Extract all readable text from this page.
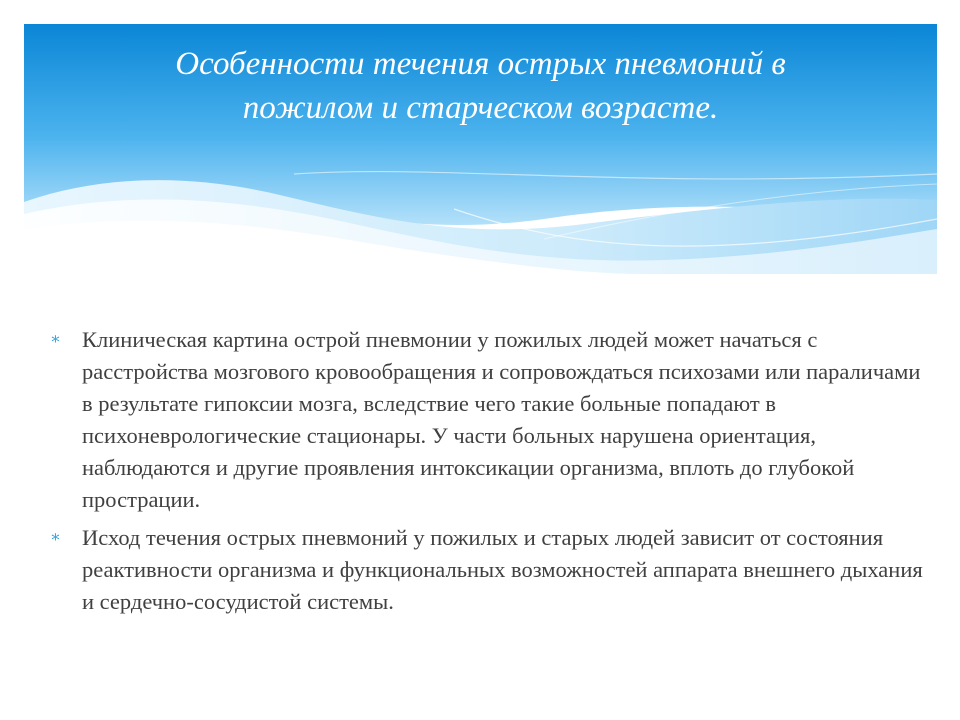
Особенности течения острых пневмоний в
пожилом и старческом возрасте.
∗ Клиническая картина острой пневмонии у пожилых людей может начаться с расстройства мозгового кровообращения и сопровождаться психозами или параличами в результате гипоксии мозга, вследствие чего такие больные попадают в психоневрологические стационары. У части больных нарушена ориентация, наблюдаются и другие проявления интоксикации организма, вплоть до глубокой прострации.
∗ Исход течения острых пневмоний у пожилых и старых людей зависит от состояния реактивности организма и функциональных возможностей аппарата внешнего дыхания и сердечно-сосудистой системы.
